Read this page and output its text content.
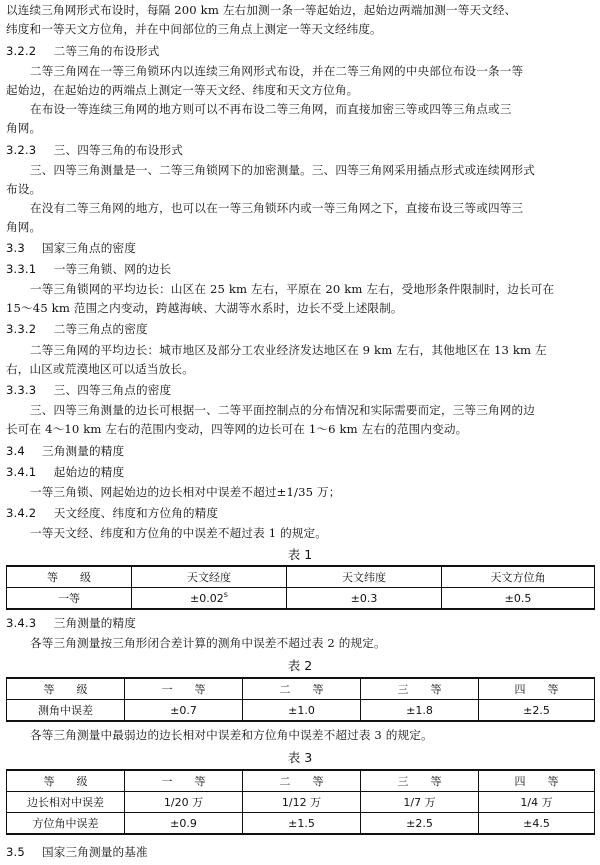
以连续三角网形式布设时，每隔 200 km 左右加测一条一等起始边，起始边两端加测一等天文经、
纬度和一等天文方位角，并在中间部位的三角点上测定一等天文经纬度。
3.2.2　 二等三角的布设形式
二等三角网在一等三角锁环内以连续三角网形式布设，并在二等三角网的中央部位布设一条一等
起始边，在起始边的两端点上测定一等天文经、纬度和天文方位角。
在布设一等连续三角网的地方则可以不再布设二等三角网，而直接加密三等或四等三角点或三
角网。
3.2.3　 三、四等三角的布设形式
三、四等三角测量是一、二等三角锁网下的加密测量。三、四等三角网采用插点形式或连续网形式
布设。
在没有二等三角网的地方，也可以在一等三角锁环内或一等三角网之下，直接布设三等或四等三
角网。
3.3 国家三角点的密度
3.3.1　 一等三角锁、网的边长
一等三角锁网的平均边长：山区在 25 km 左右，平原在 20 km 左右，受地形条件限制时，边长可在
15～45 km 范围之内变动，跨越海峡、大湖等水系时，边长不受上述限制。
3.3.2　 二等三角点的密度
二等三角网的平均边长：城市地区及部分工农业经济发达地区在 9 km 左右，其他地区在 13 km 左
右，山区或荒漠地区可以适当放长。
3.3.3　 三、四等三角点的密度
三、四等三角测量的边长可根据一、二等平面控制点的分布情况和实际需要而定，三等三角网的边
长可在 4～10 km 左右的范围内变动，四等网的边长可在 1～6 km 左右的范围内变动。
3.4 三角测量的精度
3.4.1　 起始边的精度
一等三角锁、网起始边的边长相对中误差不超过±1/35 万；
3.4.2　 天文经度、纬度和方位角的精度
一等天文经、纬度和方位角的中误差不超过表 1 的规定。
表 1
等　　级	天文经度	天文纬度	天文方位角
一等	$\pm 0.02^s$	±0.3	±0.5
3.4.3　 三角测量的精度
各等三角测量按三角形闭合差计算的测角中误差不超过表 2 的规定。
表 2
等　　级	一　　等	二　　等	三　　等	四　　等
测角中误差	±0.7	±1.0	±1.8	±2.5
各等三角测量中最弱边的边长相对中误差和方位角中误差不超过表 3 的规定。
表 3
等　　级	一　　等	二　　等	三　　等	四　　等
边长相对中误差	1/20 万	1/12 万	1/7 万	1/4 万
方位角中误差	±0.9	±1.5	±2.5	±4.5
3.5 国家三角测量的基准
